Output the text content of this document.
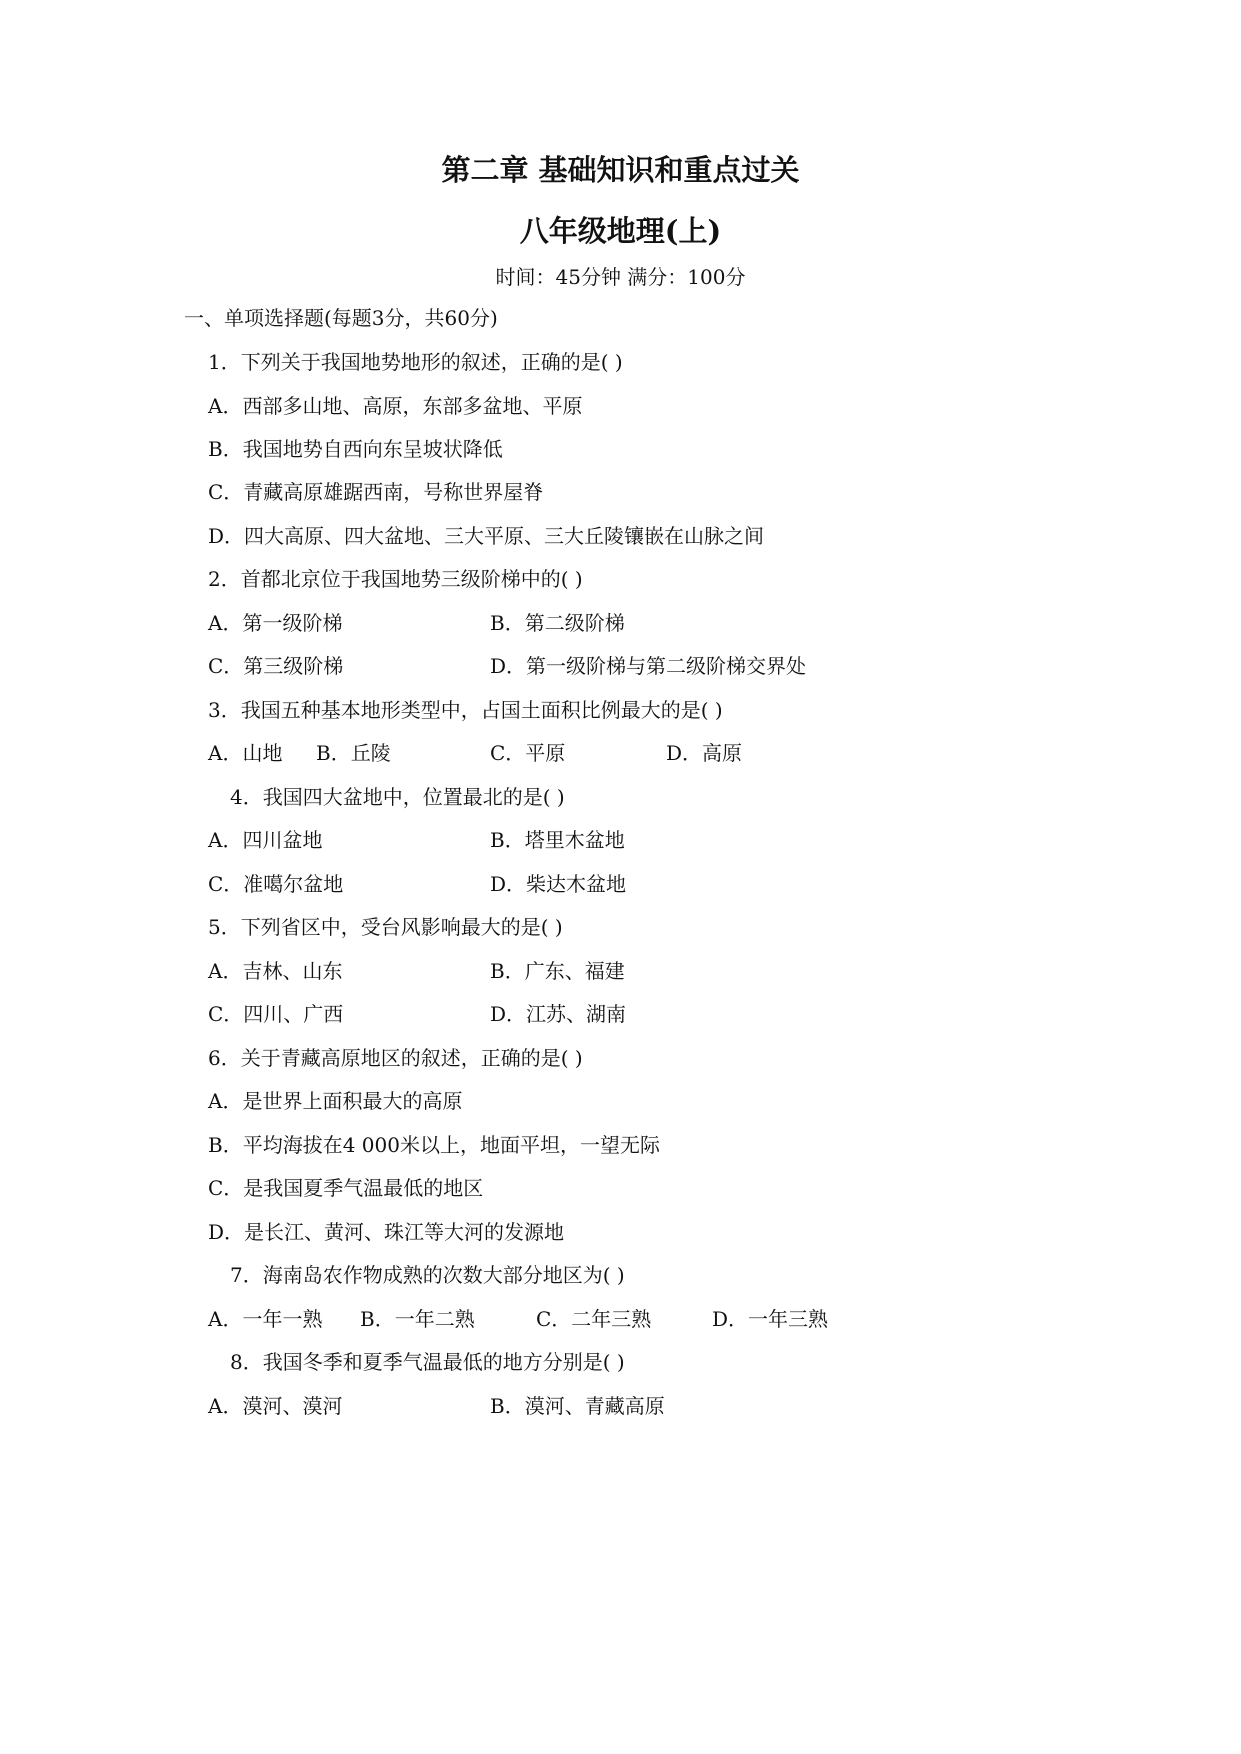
第二章 基础知识和重点过关
八年级地理(上)
时间：45分钟 满分：100分
一、单项选择题(每题3分，共60分)
1．下列关于我国地势地形的叙述，正确的是( )
A．西部多山地、高原，东部多盆地、平原
B．我国地势自西向东呈坡状降低
C．青藏高原雄踞西南，号称世界屋脊
D．四大高原、四大盆地、三大平原、三大丘陵镶嵌在山脉之间
2．首都北京位于我国地势三级阶梯中的( )
A．第一级阶梯	B．第二级阶梯
C．第三级阶梯	D．第一级阶梯与第二级阶梯交界处
3．我国五种基本地形类型中，占国土面积比例最大的是( )
A．山地 B．丘陵	C．平原	D．高原
4．我国四大盆地中，位置最北的是( )
A．四川盆地	B．塔里木盆地
C．准噶尔盆地	D．柴达木盆地
5．下列省区中，受台风影响最大的是( )
A．吉林、山东	B．广东、福建
C．四川、广西	D．江苏、湖南
6．关于青藏高原地区的叙述，正确的是( )
A．是世界上面积最大的高原
B．平均海拔在4 000米以上，地面平坦，一望无际
C．是我国夏季气温最低的地区
D．是长江、黄河、珠江等大河的发源地
7．海南岛农作物成熟的次数大部分地区为( )
A．一年一熟 B．一年二熟	C．二年三熟	D．一年三熟
8．我国冬季和夏季气温最低的地方分别是( )
A．漠河、漠河	B．漠河、青藏高原
